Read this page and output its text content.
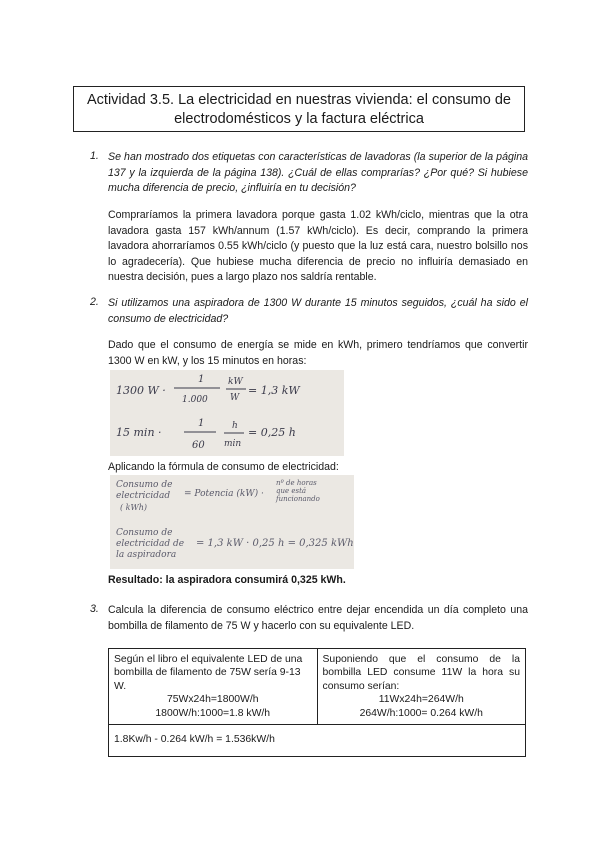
Actividad 3.5. La electricidad en nuestras vivienda: el consumo de
electrodomésticos y la factura eléctrica
1. Se han mostrado dos etiquetas con características de lavadoras (la superior de la página 137 y la izquierda de la página 138). ¿Cuál de ellas comprarías? ¿Por qué? Si hubiese mucha diferencia de precio, ¿influiría en tu decisión?
Compraríamos la primera lavadora porque gasta 1.02 kWh/ciclo, mientras que la otra lavadora gasta 157 kWh/annum (1.57 kWh/ciclo). Es decir, comprando la primera lavadora ahorraríamos 0.55 kWh/ciclo (y puesto que la luz está cara, nuestro bolsillo nos lo agradecería). Que hubiese mucha diferencia de precio no influiría demasiado en nuestra decisión, pues a largo plazo nos saldría rentable.
2. Si utilizamos una aspiradora de 1300 W durante 15 minutos seguidos, ¿cuál ha sido el consumo de electricidad?
Dado que el consumo de energía se mide en kWh, primero tendríamos que convertir 1300 W en kW, y los 15 minutos en horas:
1300 W ·
1
1.000
kW
W
= 1,3 kW
15 min ·
1
60
h
min
= 0,25 h
Aplicando la fórmula de consumo de electricidad:
Consumo de
electricidad
( kWh)
= Potencia (kW) ·
nº de horas
que está
funcionando
Consumo de
electricidad de
la aspiradora
= 1,3 kW · 0,25 h = 0,325 kWh
Resultado: la aspiradora consumirá 0,325 kWh.
3. Calcula la diferencia de consumo eléctrico entre dejar encendida un día completo una bombilla de filamento de 75 W y hacerlo con su equivalente LED.
Según el libro el equivalente LED de una bombilla de filamento de 75W sería 9-13 W.
75Wx24h=1800W/h
1800W/h:1000=1.8 kW/h

Suponiendo que el consumo de la bombilla LED consume 11W la hora su consumo serían:
11Wx24h=264W/h
264W/h:1000= 0.264 kW/h

1.8Kw/h - 0.264 kW/h = 1.536kW/h
